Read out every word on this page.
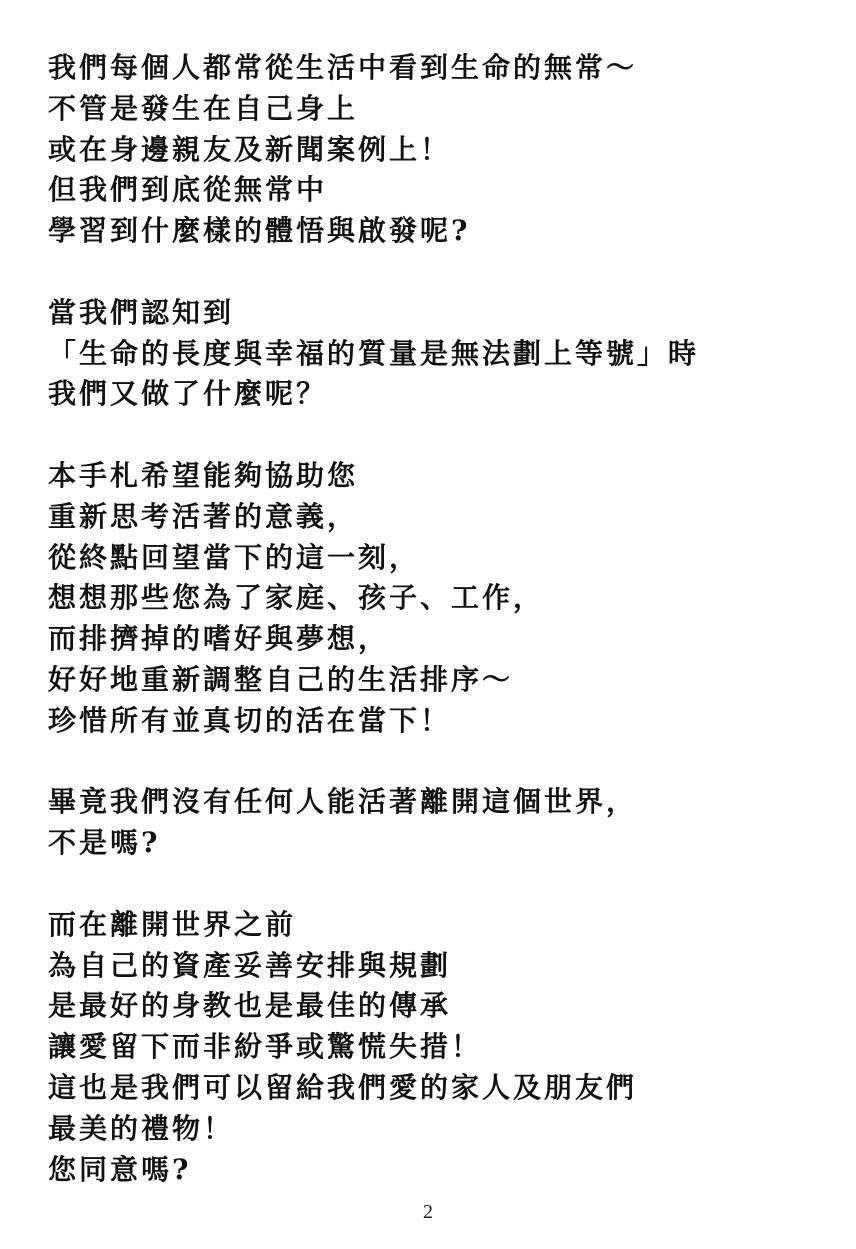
我們每個人都常從生活中看到生命的無常～
不管是發生在自己身上
或在身邊親友及新聞案例上！
但我們到底從無常中
學習到什麼樣的體悟與啟發呢?
當我們認知到
「生命的長度與幸福的質量是無法劃上等號」時
我們又做了什麼呢？
本手札希望能夠協助您
重新思考活著的意義，
從終點回望當下的這一刻，
想想那些您為了家庭、孩子、工作，
而排擠掉的嗜好與夢想，
好好地重新調整自己的生活排序～
珍惜所有並真切的活在當下！
畢竟我們沒有任何人能活著離開這個世界，
不是嗎?
而在離開世界之前
為自己的資產妥善安排與規劃
是最好的身教也是最佳的傳承
讓愛留下而非紛爭或驚慌失措！
這也是我們可以留給我們愛的家人及朋友們
最美的禮物！
您同意嗎?
2
